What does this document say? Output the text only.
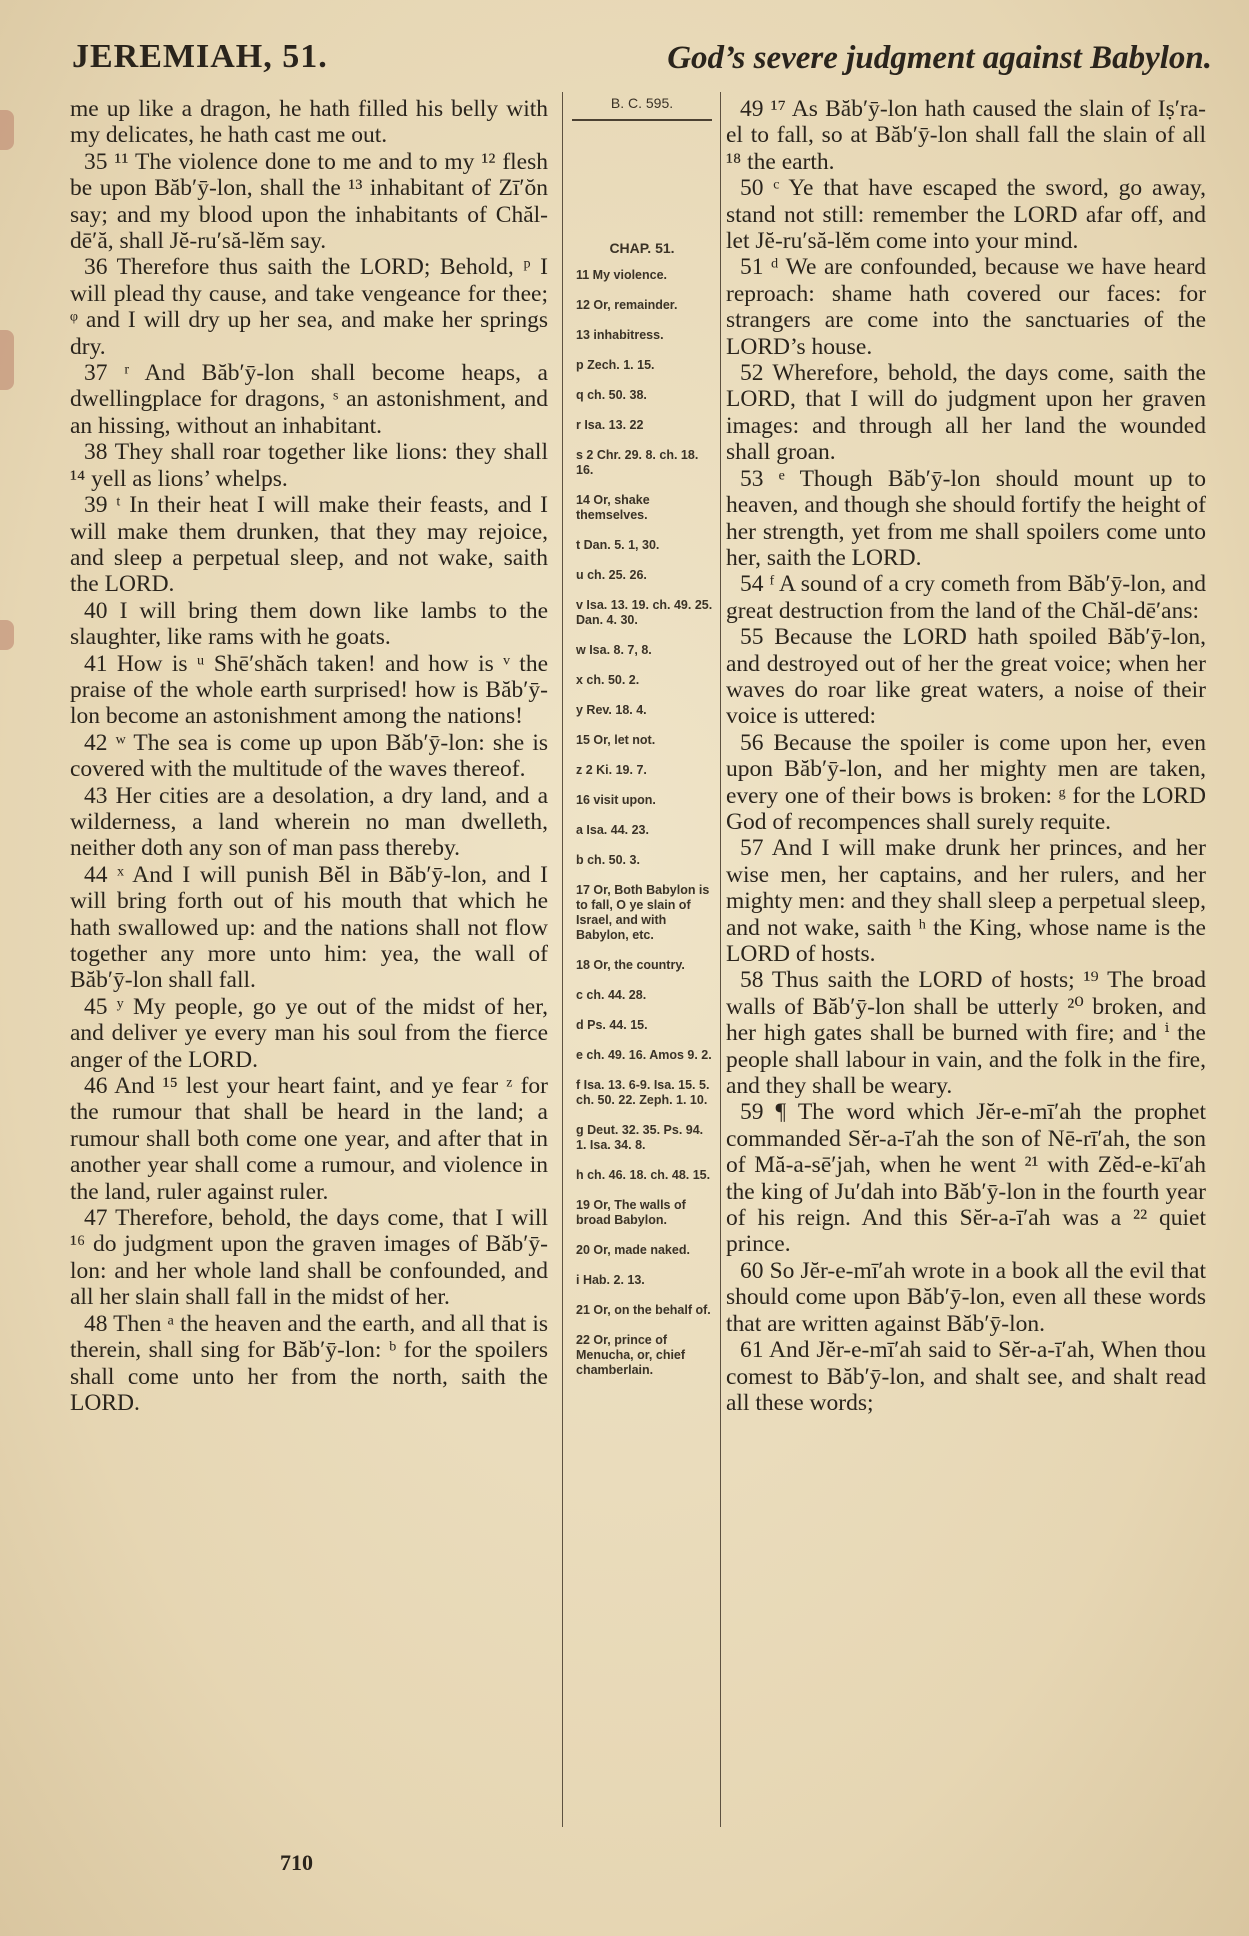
JEREMIAH, 51.	God’s severe judgment against Babylon.

me up like a dragon, he hath filled his belly with my delicates, he hath cast me out.

35 ¹¹ The violence done to me and to my ¹² flesh be upon Băb′ȳ-lon, shall the ¹³ inhabitant of Zī′ŏn say; and my blood upon the inhabitants of Chăl-dē′ă, shall Jĕ-ru′să-lĕm say.

36 Therefore thus saith the LORD; Behold, ᵖ I will plead thy cause, and take vengeance for thee; ᵠ and I will dry up her sea, and make her springs dry.

37 ʳ And Băb′ȳ-lon shall become heaps, a dwellingplace for dragons, ˢ an astonishment, and an hissing, without an inhabitant.

38 They shall roar together like lions: they shall ¹⁴ yell as lions’ whelps.

39 ᵗ In their heat I will make their feasts, and I will make them drunken, that they may rejoice, and sleep a perpetual sleep, and not wake, saith the LORD.

40 I will bring them down like lambs to the slaughter, like rams with he goats.

41 How is ᵘ Shē′shăch taken! and how is ᵛ the praise of the whole earth surprised! how is Băb′ȳ-lon become an astonishment among the nations!

42 ʷ The sea is come up upon Băb′ȳ-lon: she is covered with the multitude of the waves thereof.

43 Her cities are a desolation, a dry land, and a wilderness, a land wherein no man dwelleth, neither doth any son of man pass thereby.

44 ˣ And I will punish Bĕl in Băb′ȳ-lon, and I will bring forth out of his mouth that which he hath swallowed up: and the nations shall not flow together any more unto him: yea, the wall of Băb′ȳ-lon shall fall.

45 ʸ My people, go ye out of the midst of her, and deliver ye every man his soul from the fierce anger of the LORD.

46 And ¹⁵ lest your heart faint, and ye fear ᶻ for the rumour that shall be heard in the land; a rumour shall both come one year, and after that in another year shall come a rumour, and violence in the land, ruler against ruler.

47 Therefore, behold, the days come, that I will ¹⁶ do judgment upon the graven images of Băb′ȳ-lon: and her whole land shall be confounded, and all her slain shall fall in the midst of her.

48 Then ᵃ the heaven and the earth, and all that is therein, shall sing for Băb′ȳ-lon: ᵇ for the spoilers shall come unto her from the north, saith the LORD.

B. C. 595.
CHAP. 51.
11 My violence.
12 Or, remainder.
13 inhabitress.
p Zech. 1. 15.
q ch. 50. 38.
r Isa. 13. 22
s 2 Chr. 29. 8. ch. 18. 16.
14 Or, shake themselves.
t Dan. 5. 1, 30.
u ch. 25. 26.
v Isa. 13. 19. ch. 49. 25. Dan. 4. 30.
w Isa. 8. 7, 8.
x ch. 50. 2.
y Rev. 18. 4.
15 Or, let not.
z 2 Ki. 19. 7.
16 visit upon.
a Isa. 44. 23.
b ch. 50. 3.
17 Or, Both Babylon is to fall, O ye slain of Israel, and with Babylon, etc.
18 Or, the country.
c ch. 44. 28.
d Ps. 44. 15.
e ch. 49. 16. Amos 9. 2.
f Isa. 13. 6-9. Isa. 15. 5. ch. 50. 22. Zeph. 1. 10.
g Deut. 32. 35. Ps. 94. 1. Isa. 34. 8.
h ch. 46. 18. ch. 48. 15.
19 Or, The walls of broad Babylon.
20 Or, made naked.
i Hab. 2. 13.
21 Or, on the behalf of.
22 Or, prince of Menucha, or, chief chamberlain.

49 ¹⁷ As Băb′ȳ-lon hath caused the slain of Iṣ′ra-el to fall, so at Băb′ȳ-lon shall fall the slain of all ¹⁸ the earth.

50 ᶜ Ye that have escaped the sword, go away, stand not still: remember the LORD afar off, and let Jĕ-ru′să-lĕm come into your mind.

51 ᵈ We are confounded, because we have heard reproach: shame hath covered our faces: for strangers are come into the sanctuaries of the LORD’s house.

52 Wherefore, behold, the days come, saith the LORD, that I will do judgment upon her graven images: and through all her land the wounded shall groan.

53 ᵉ Though Băb′ȳ-lon should mount up to heaven, and though she should fortify the height of her strength, yet from me shall spoilers come unto her, saith the LORD.

54 ᶠ A sound of a cry cometh from Băb′ȳ-lon, and great destruction from the land of the Chăl-dē′ans:

55 Because the LORD hath spoiled Băb′ȳ-lon, and destroyed out of her the great voice; when her waves do roar like great waters, a noise of their voice is uttered:

56 Because the spoiler is come upon her, even upon Băb′ȳ-lon, and her mighty men are taken, every one of their bows is broken: ᵍ for the LORD God of recompences shall surely requite.

57 And I will make drunk her princes, and her wise men, her captains, and her rulers, and her mighty men: and they shall sleep a perpetual sleep, and not wake, saith ʰ the King, whose name is the LORD of hosts.

58 Thus saith the LORD of hosts; ¹⁹ The broad walls of Băb′ȳ-lon shall be utterly ²⁰ broken, and her high gates shall be burned with fire; and ⁱ the people shall labour in vain, and the folk in the fire, and they shall be weary.

59 ¶ The word which Jĕr-e-mī′ah the prophet commanded Sĕr-a-ī′ah the son of Nē-rī′ah, the son of Mă-a-sē′jah, when he went ²¹ with Zĕd-e-kī′ah the king of Ju′dah into Băb′ȳ-lon in the fourth year of his reign. And this Sĕr-a-ī′ah was a ²² quiet prince.

60 So Jĕr-e-mī′ah wrote in a book all the evil that should come upon Băb′ȳ-lon, even all these words that are written against Băb′ȳ-lon.

61 And Jĕr-e-mī′ah said to Sĕr-a-ī′ah, When thou comest to Băb′ȳ-lon, and shalt see, and shalt read all these words;

710
